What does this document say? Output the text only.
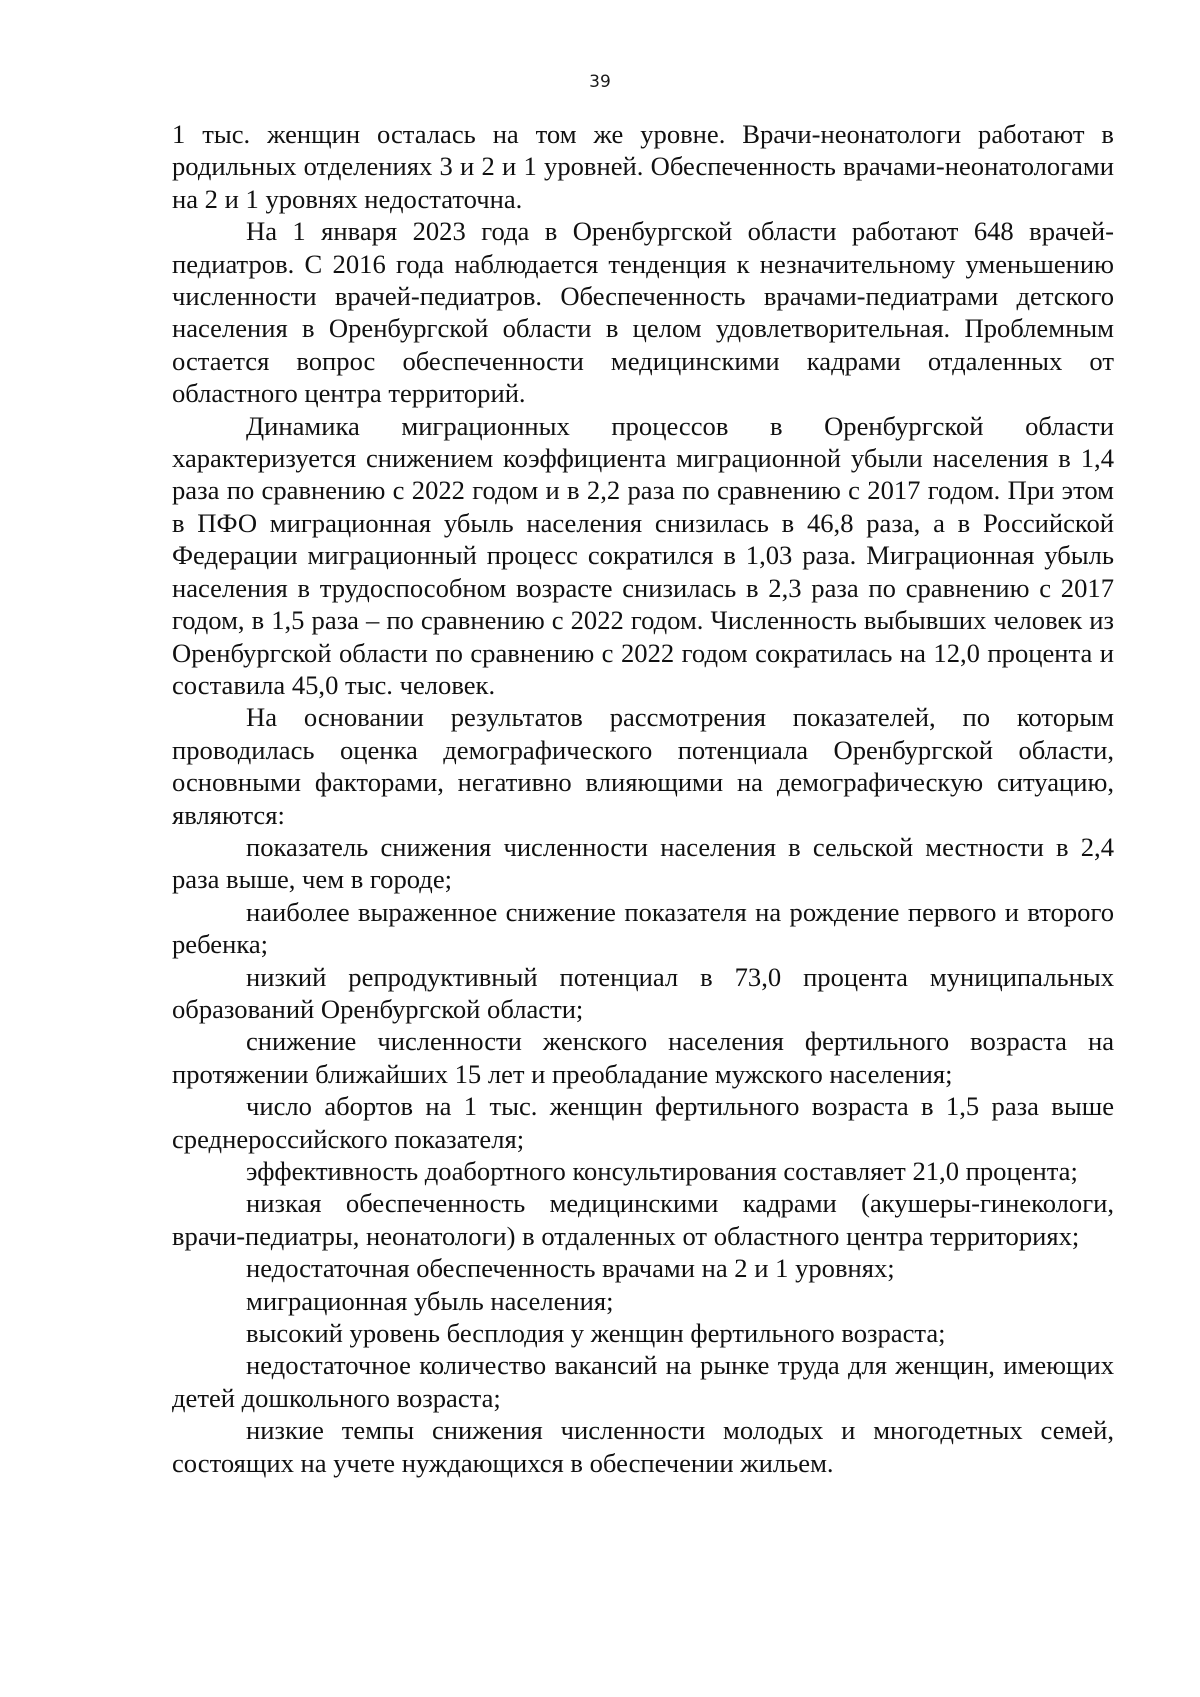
39

1 тыс. женщин осталась на том же уровне. Врачи-неонатологи работают в родильных отделениях 3 и 2 и 1 уровней. Обеспеченность врачами-неонатологами на 2 и 1 уровнях недостаточна.

На 1 января 2023 года в Оренбургской области работают 648 врачей-педиатров. С 2016 года наблюдается тенденция к незначительному уменьшению численности врачей-педиатров. Обеспеченность врачами-педиатрами детского населения в Оренбургской области в целом удовлетворительная. Проблемным остается вопрос обеспеченности медицинскими кадрами отдаленных от областного центра территорий.

Динамика миграционных процессов в Оренбургской области характеризуется снижением коэффициента миграционной убыли населения в 1,4 раза по сравнению с 2022 годом и в 2,2 раза по сравнению с 2017 годом. При этом в ПФО миграционная убыль населения снизилась в 46,8 раза, а в Российской Федерации миграционный процесс сократился в 1,03 раза. Миграционная убыль населения в трудоспособном возрасте снизилась в 2,3 раза по сравнению с 2017 годом, в 1,5 раза – по сравнению с 2022 годом. Численность выбывших человек из Оренбургской области по сравнению с 2022 годом сократилась на 12,0 процента и составила 45,0 тыс. человек.

На основании результатов рассмотрения показателей, по которым проводилась оценка демографического потенциала Оренбургской области, основными факторами, негативно влияющими на демографическую ситуацию, являются:

показатель снижения численности населения в сельской местности в 2,4 раза выше, чем в городе;

наиболее выраженное снижение показателя на рождение первого и второго ребенка;

низкий репродуктивный потенциал в 73,0 процента муниципальных образований Оренбургской области;

снижение численности женского населения фертильного возраста на протяжении ближайших 15 лет и преобладание мужского населения;

число абортов на 1 тыс. женщин фертильного возраста в 1,5 раза выше среднероссийского показателя;

эффективность доабортного консультирования составляет 21,0 процента;

низкая обеспеченность медицинскими кадрами (акушеры-гинекологи, врачи-педиатры, неонатологи) в отдаленных от областного центра территориях;

недостаточная обеспеченность врачами на 2 и 1 уровнях;

миграционная убыль населения;

высокий уровень бесплодия у женщин фертильного возраста;

недостаточное количество вакансий на рынке труда для женщин, имеющих детей дошкольного возраста;

низкие темпы снижения численности молодых и многодетных семей, состоящих на учете нуждающихся в обеспечении жильем.
